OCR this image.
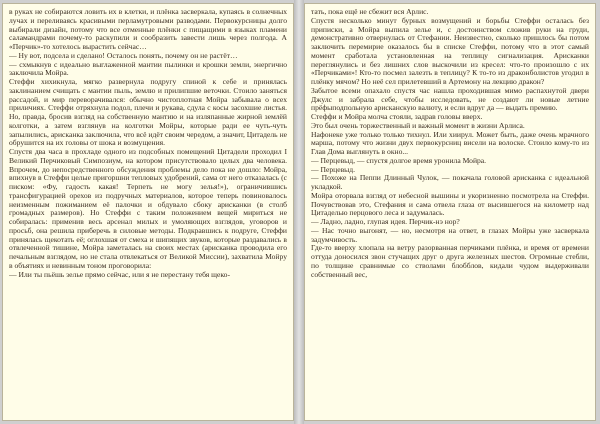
в руках не собираются ловить их в клетки, и плёнка засверкала, купаясь в солнечных лучах и переливаясь красивыми перламутровыми разводами. Первокурсницы долго выбирали дизайн, потому что все отменные плёнки с пищащими в языках пламени саламандрами почему-то раскупили и сообразить завести лишь через полгода. А «Перчик»-то хотелось вырастить сейчас…

— Ну вот, подсела и сделано! Осталось понять, почему он не растёт…

— схмыкнув с идеально выглаженной мантии пылинки и крошки земли, энергично заключила Мойра.

Стеффи хихикнула, мягко развернула подругу спиной к себе и принялась заклинанием счищать с мантии пыль, землю и прилипшие веточки. Стоило заняться рассадой, и мир переворачивался: обычно чистоплотная Мойра забывала о всех приличиях. Стеффи отряхнула подол, плечи и рукава, сдула с косы засохшие листья. Но, правда, бросив взгляд на собственную мантию и на изляпанные жирной землёй колготки, а затем взглянув на колготки Мойры, которые ради ее чуть-чуть запылились, арисканка заключила, что всё идёт своим чередом, а значит, Цитадель не обрушится на их головы от шока и возмущения.

Спустя два часа в прохладе одного из подсобных помещений Цитадели проходил I Великий Перчиковый Симпозиум, на котором присутствовало целых два человека. Впрочем, до непосредственного обсуждения проблемы дело пока не дошло: Мойра, впихнув в Стеффи целые пригоршни тепловых удобрений, сама от него отказалась (с писком: «Фу, гадость какая! Терпеть не могу зелья!»), ограничившись трансфигурацией орехов из подручных материалов, которое теперь повиновалось неизменным пожиманием её палочки и обдувало сбоку арисканки (в столб громадных размеров). Но Стеффи с таким положением вещей мириться не собиралась: применив весь арсенал милых и умоляющих взглядов, уговоров и просьб, она решила приберечь в силовые методы. Подкравшись к подруге, Стеффи принялась щекотать её; оглохшая от смеха и шипящих звуков, которые раздавались в отвлеченной тишине, Мойра заметалась на своих местах (арисканка проводила его печальным взглядом, но не стала отвлекаться от Великой Миссии), захватила Мойру в объятиях и невинным тоном проговорила:

— Или ты пьёшь зелье прямо сейчас, или я не перестану тебя щеко-

тать, пока ещё не сбежит вся Арлис.

Спустя несколько минут бурных возмущений и борьбы Стеффи осталась без приписки, а Мойра выпила зелье и, с достоинством сложив руки на груди, демонстративно отвернулась от Стефании. Неизвестно, сколько пришлось бы потом заключить перемирие оказалось бы в списке Стеффи, потому что в этот самый момент сработала установленная на теплицу сигнализация. Арисканки переглянулись и без лишних слов выскочили из кресел: что-то произошло с их «Перчиками»! Кто-то посмел залезть в теплицу? К то-то из драконболистов угодил в плёнку мячом? Но неё сел прилетевший в Артемону на лекцию дракон?

Забытое всеми опахало спустя час нашла проходившая мимо распахнутой двери Джулс и забрала себе, чтобы исследовать, не создают ли новые летние прёфыподпольную арисканскую валюту, и если вдруг да — выдать премию.

Стеффи и Мойра молча стояли, задрав головы вверх.

Это был очень торжественный и важный момент в жизни Арлиса.

Нафонеке уже только только тихнул. Или хиирул. Может быть, даже очень мрачного марша, потому что жизни двух первокурсниц висели на волоске. Стоило кому-то из Глав Дома выглянуть в окно...

— Перцевыд, — спустя долгое время уронила Мойра.

— Перцевыд.

— Похоже на Пеппи Длинный Чулок, — покачала головой арисканка с идеальной укладкой.

Мойра оторвала взгляд от небесной вышины и укоризненно посмотрела на Стеффи. Почувствовав это, Стефания и сама отвела глаза от высившегося на километр над Цитаделью перцового леса и задумалась.

— Ладно, ладно, глупая идея. Перчик-нэ нор?

— Нас точно выгонят, — но, несмотря на ответ, в глазах Мойры уже засверкала задумчивость.

Где-то вверху хлопала на ветру разорванная перчиками плёнка, и время от времени оттуда доносился звон стучащих друг о друга железных шестов. Огромные стебли, по толщине сравнимые со стволами блобблов, кидали чудом выдерживали собственный вес,
